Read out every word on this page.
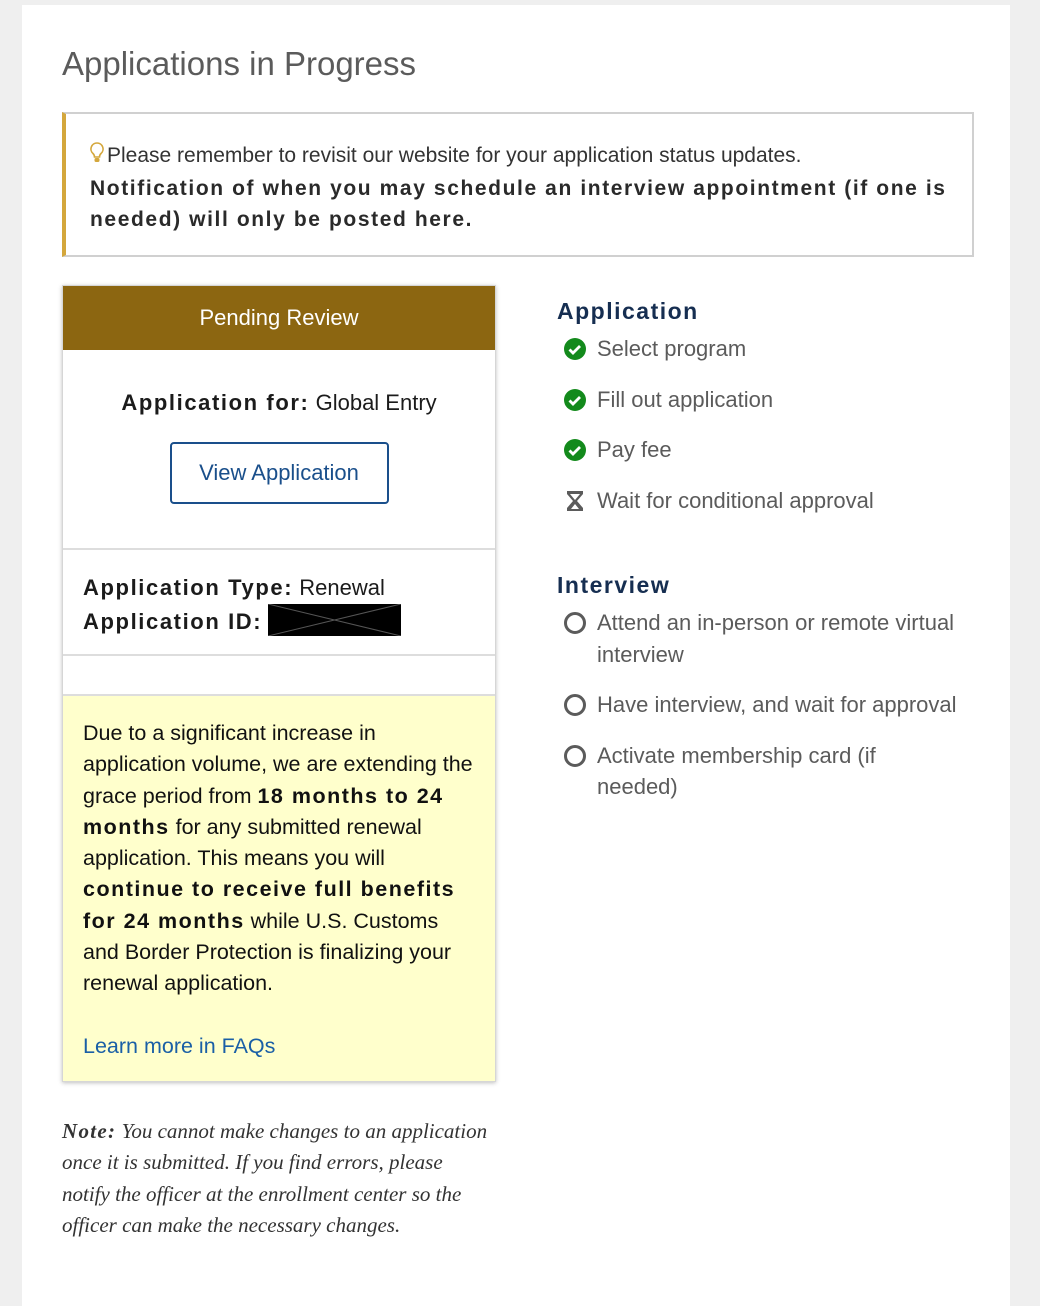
Applications in Progress
Please remember to revisit our website for your application status updates.
Notification of when you may schedule an interview appointment (if one is needed) will only be posted here.
Pending Review
Application for: Global Entry
View Application
Application Type: Renewal
Application ID:
Due to a significant increase in application volume, we are extending the grace period from 18 months to 24 months for any submitted renewal application. This means you will continue to receive full benefits for 24 months while U.S. Customs and Border Protection is finalizing your renewal application.
Learn more in FAQs
Note: You cannot make changes to an application once it is submitted. If you find errors, please notify the officer at the enrollment center so the officer can make the necessary changes.
Application
Select program
Fill out application
Pay fee
Wait for conditional approval
Interview
Attend an in-person or remote virtual interview
Have interview, and wait for approval
Activate membership card (if needed)
